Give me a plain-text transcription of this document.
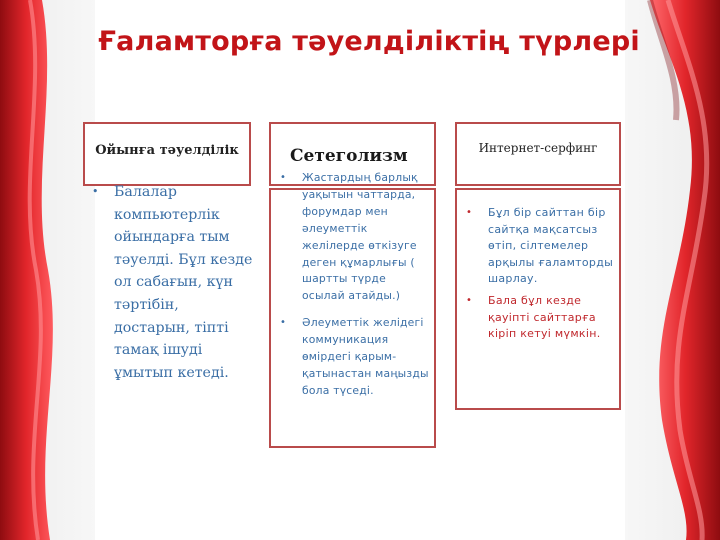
Ғаламторға тәуелділіктің түрлері
Ойынға тәуелділік	Интернет-серфинг
• Балалар компьютерлік ойындарға тым тәуелді. Бұл кезде ол сабағын, күн тәртібін, достарын, тіпті тамақ ішуді ұмытып кетеді.
• Жастардың барлық уақытын чаттарда, форумдар мен әлеуметтік желілерде өткізуге деген құмарлығы ( шартты түрде осылай атайды.)
• Әлеуметтік желідегі коммуникация өмірдегі қарым-қатынастан маңызды бола түседі.
Сетеголизм
• Бұл бір сайттан бір сайтқа мақсатсыз өтіп, сілтемелер арқылы ғаламторды шарлау.
• Бала бұл кезде қауіпті сайттарға кіріп кетуі мүмкін.
